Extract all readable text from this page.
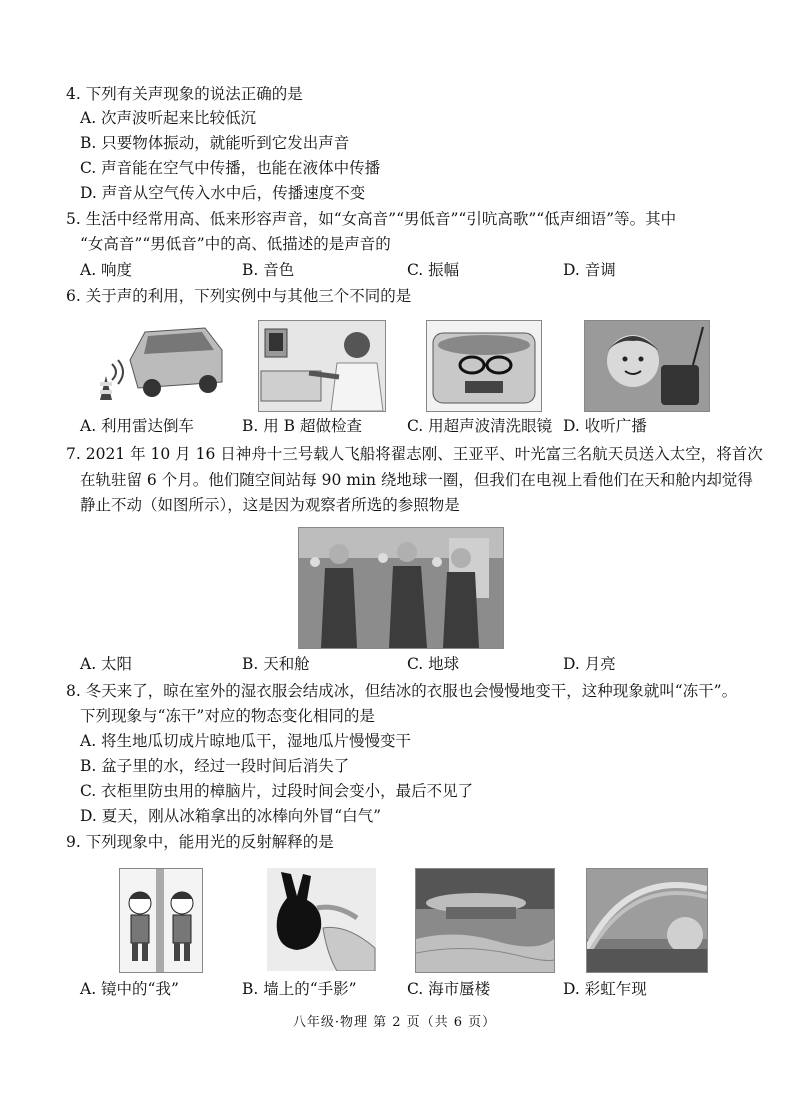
4. 下列有关声现象的说法正确的是
A. 次声波听起来比较低沉
B. 只要物体振动，就能听到它发出声音
C. 声音能在空气中传播，也能在液体中传播
D. 声音从空气传入水中后，传播速度不变
5. 生活中经常用高、低来形容声音，如“女高音”“男低音”“引吭高歌”“低声细语”等。其中
“女高音”“男低音”中的高、低描述的是声音的
A. 响度	B. 音色	C. 振幅	D. 音调
6. 关于声的利用，下列实例中与其他三个不同的是
A. 利用雷达倒车	B. 用 B 超做检查	C. 用超声波清洗眼镜 D. 收听广播
7. 2021 年 10 月 16 日神舟十三号载人飞船将翟志刚、王亚平、叶光富三名航天员送入太空，将首次
在轨驻留 6 个月。他们随空间站每 90 min 绕地球一圈，但我们在电视上看他们在天和舱内却觉得
静止不动（如图所示），这是因为观察者所选的参照物是
A. 太阳	B. 天和舱	C. 地球	D. 月亮
8. 冬天来了，晾在室外的湿衣服会结成冰，但结冰的衣服也会慢慢地变干，这种现象就叫“冻干”。
下列现象与“冻干”对应的物态变化相同的是
A. 将生地瓜切成片晾地瓜干，湿地瓜片慢慢变干
B. 盆子里的水，经过一段时间后消失了
C. 衣柜里防虫用的樟脑片，过段时间会变小，最后不见了
D. 夏天，刚从冰箱拿出的冰棒向外冒“白气”
9. 下列现象中，能用光的反射解释的是
A. 镜中的“我”	B. 墙上的“手影”	C. 海市蜃楼	D. 彩虹乍现
八年级·物理 第 2 页（共 6 页）
